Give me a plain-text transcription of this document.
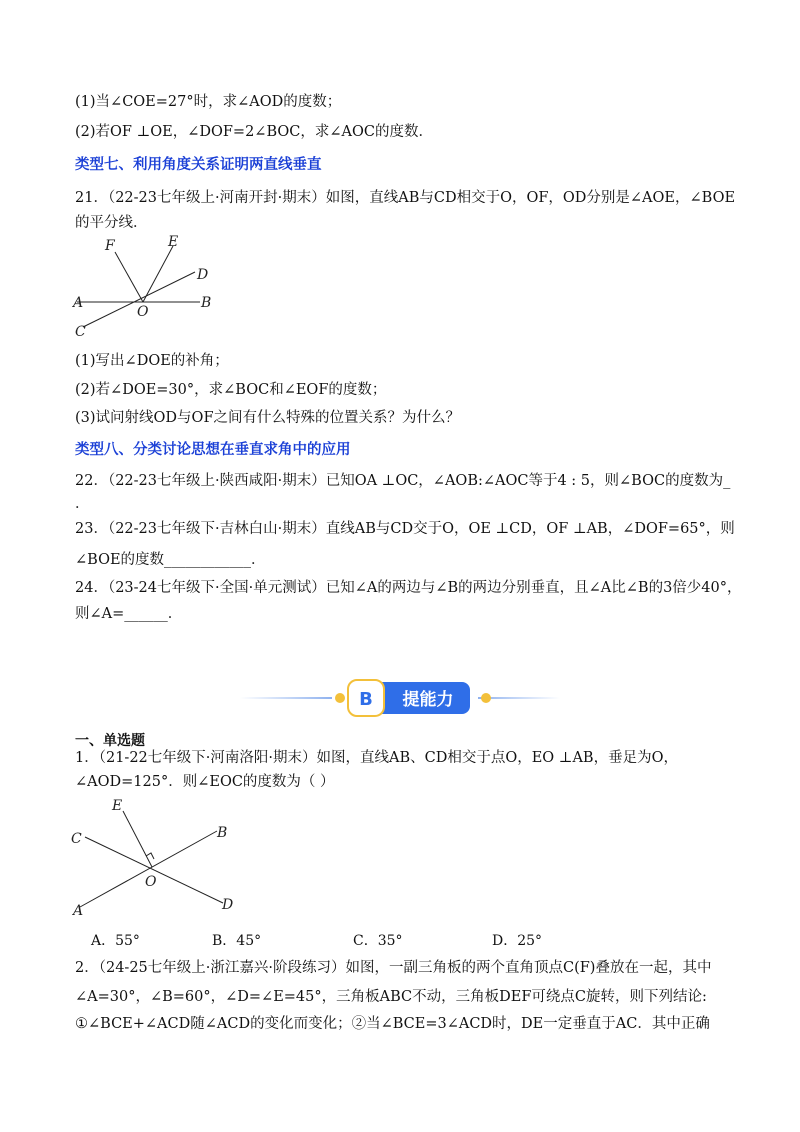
(1)当∠COE=27°时，求∠AOD的度数；
(2)若OF ⊥OE，∠DOF=2∠BOC，求∠AOC的度数．
类型七、利用角度关系证明两直线垂直
21．（22-23七年级上·河南开封·期末）如图，直线AB与CD相交于O，OF，OD分别是∠AOE，∠BOE
的平分线．
F	E
D
A
O
B
C
(1)写出∠DOE的补角；
(2)若∠DOE=30°，求∠BOC和∠EOF的度数；
(3)试问射线OD与OF之间有什么特殊的位置关系？为什么？
类型八、分类讨论思想在垂直求角中的应用
22．（22-23七年级上·陕西咸阳·期末）已知OA ⊥OC，∠AOB:∠AOC等于4 : 5，则∠BOC的度数为_
．
23．（22-23七年级下·吉林白山·期末）直线AB与CD交于O，OE ⊥CD，OF ⊥AB，∠DOF=65°，则
∠BOE的度数____________．
24．（23-24七年级下·全国·单元测试）已知∠A的两边与∠B的两边分别垂直，且∠A比∠B的3倍少40°，
则∠A=______．
B 提能力
一、单选题
1．（21-22七年级下·河南洛阳·期末）如图，直线AB、CD相交于点O，EO ⊥AB，垂足为O，
∠AOD=125°．则∠EOC的度数为（ ）
E
C	B
O
A	D
A．55°	B．45°	C．35°	D．25°
2．（24-25七年级上·浙江嘉兴·阶段练习）如图，一副三角板的两个直角顶点C(F)叠放在一起，其中
∠A=30°，∠B=60°，∠D=∠E=45°，三角板ABC不动，三角板DEF可绕点C旋转，则下列结论:
①∠BCE+∠ACD随∠ACD的变化而变化；②当∠BCE=3∠ACD时，DE一定垂直于AC．其中正确
